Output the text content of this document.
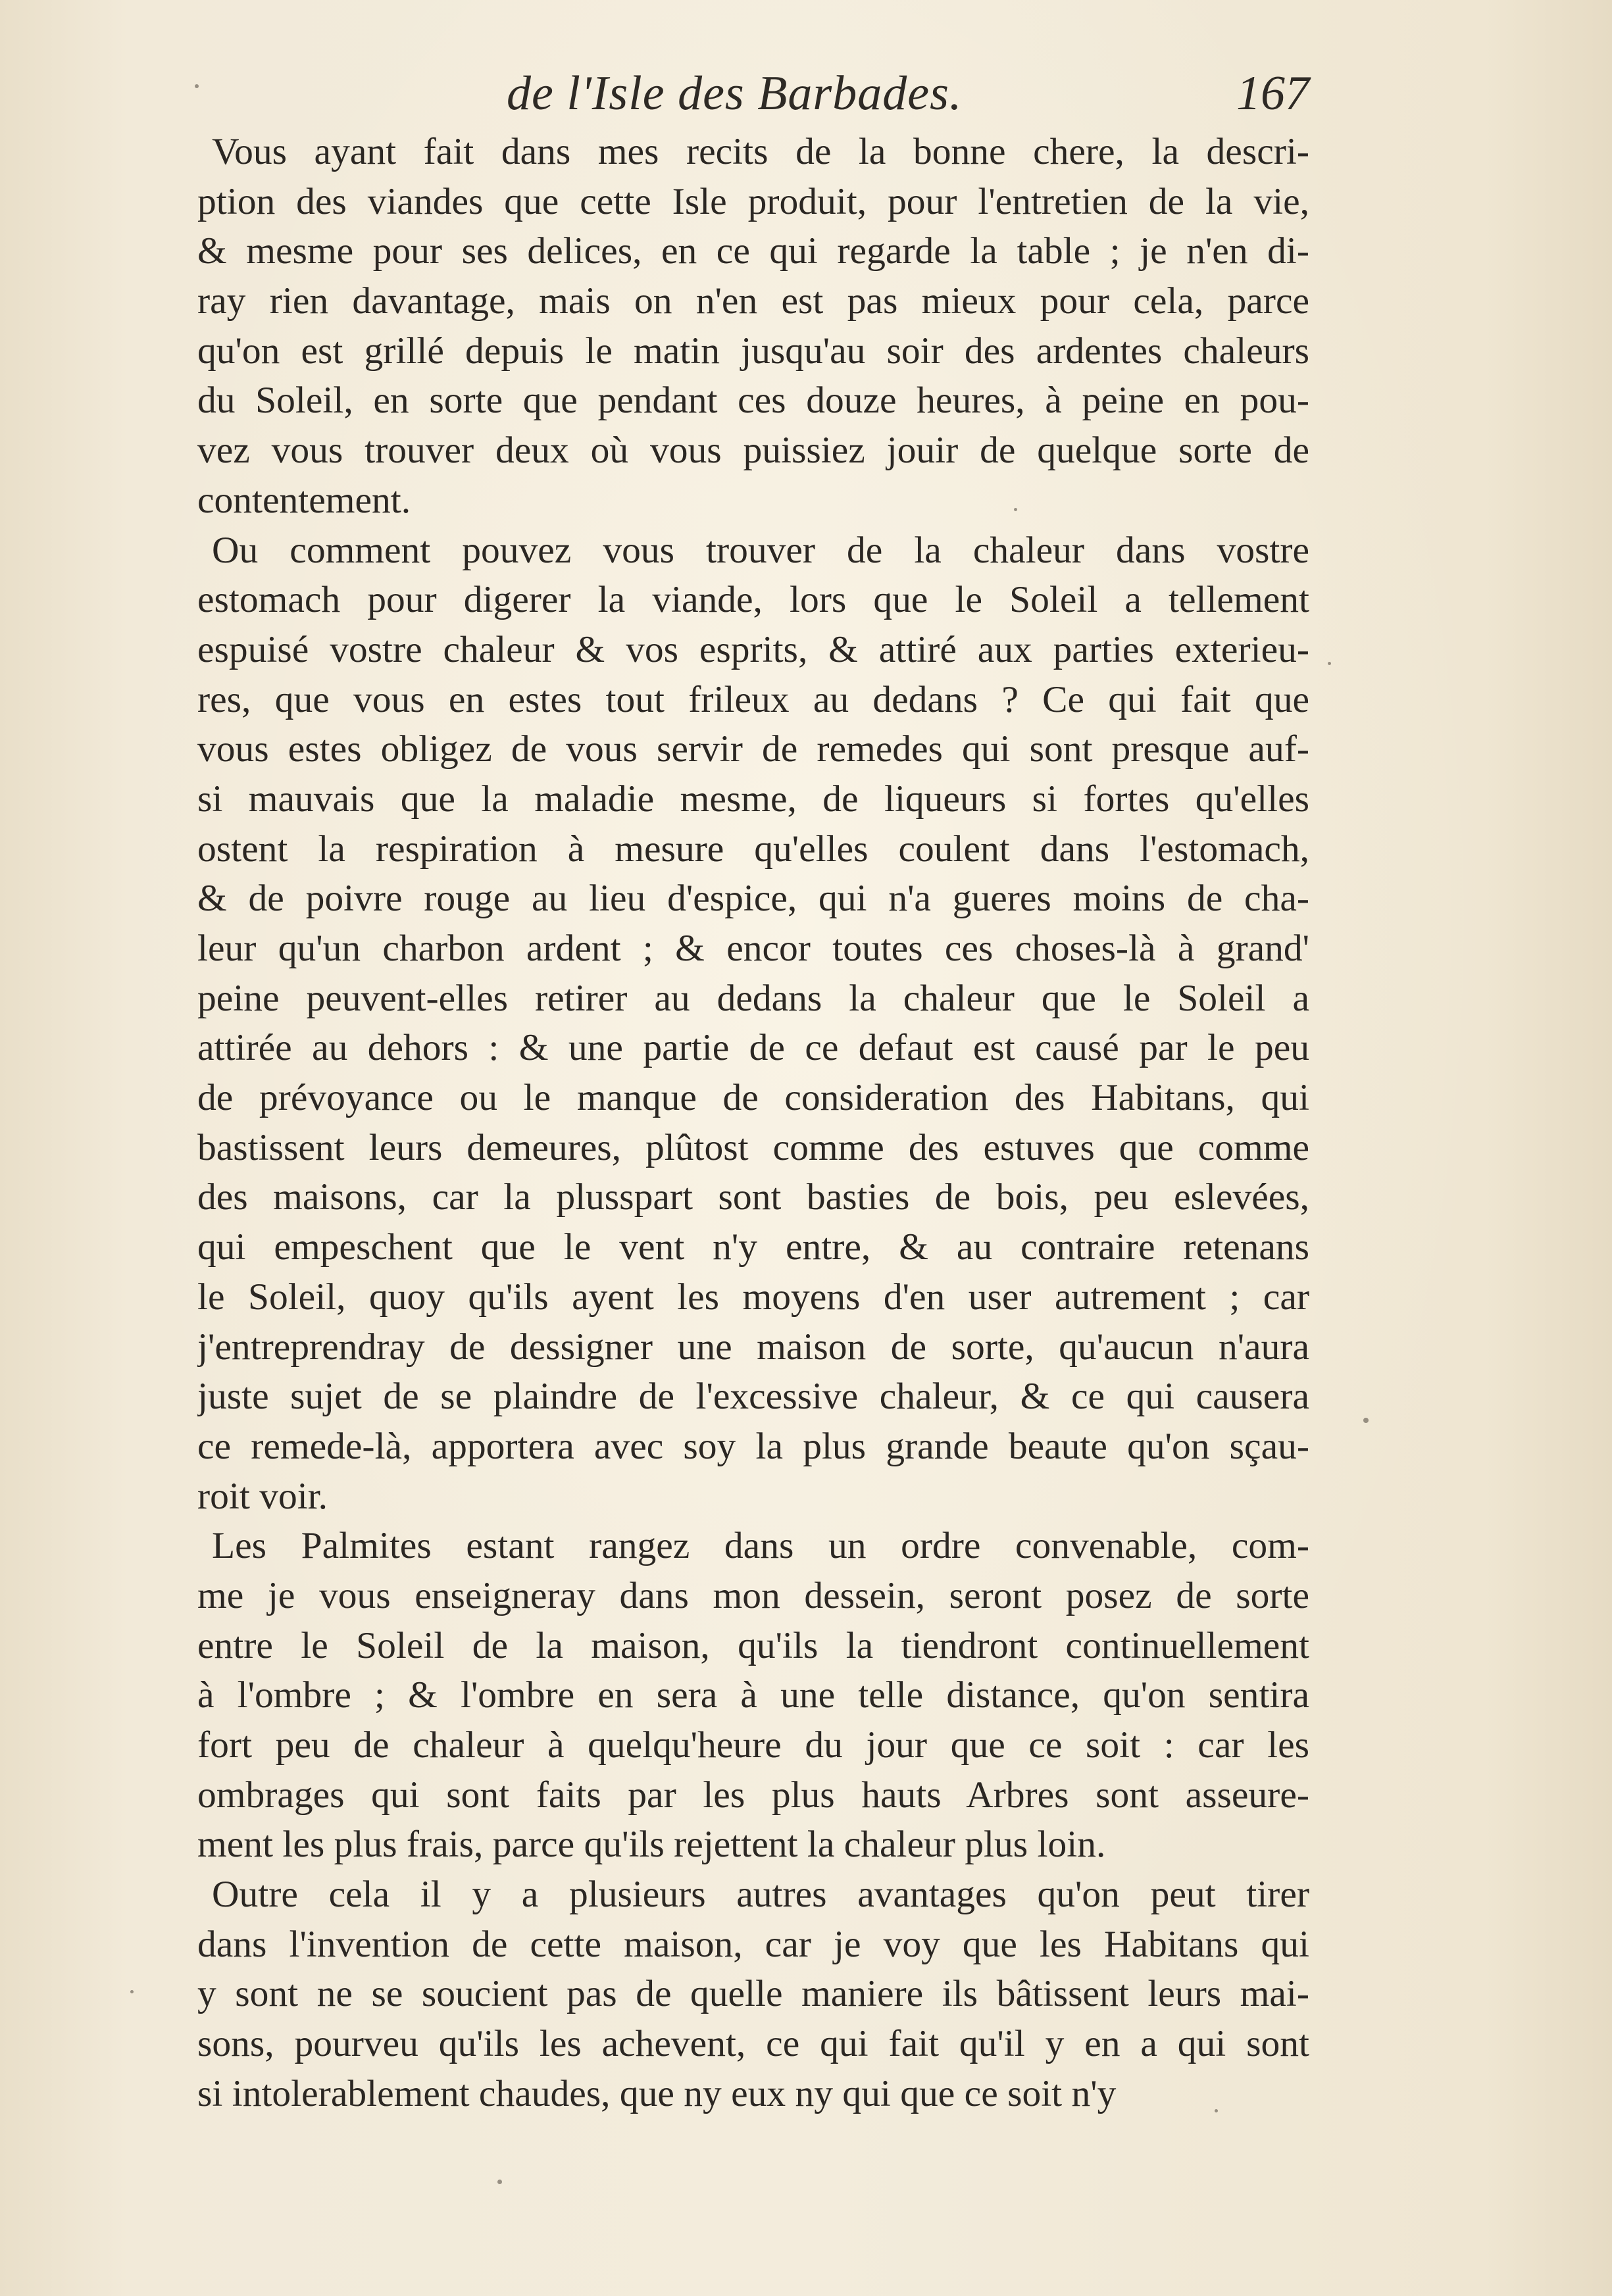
de l'Isle des Barbades.	167
Vous ayant fait dans mes recits de la bonne chere, la descri-
ption des viandes que cette Isle produit, pour l'entretien de la vie,
& mesme pour ses delices, en ce qui regarde la table ; je n'en di-
ray rien davantage, mais on n'en est pas mieux pour cela, parce
qu'on est grillé depuis le matin jusqu'au soir des ardentes chaleurs
du Soleil, en sorte que pendant ces douze heures, à peine en pou-
vez vous trouver deux où vous puissiez jouir de quelque sorte de
contentement.
Ou comment pouvez vous trouver de la chaleur dans vostre
estomach pour digerer la viande, lors que le Soleil a tellement
espuisé vostre chaleur & vos esprits, & attiré aux parties exterieu-
res, que vous en estes tout frileux au dedans ? Ce qui fait que
vous estes obligez de vous servir de remedes qui sont presque auf-
si mauvais que la maladie mesme, de liqueurs si fortes qu'elles
ostent la respiration à mesure qu'elles coulent dans l'estomach,
& de poivre rouge au lieu d'espice, qui n'a gueres moins de cha-
leur qu'un charbon ardent ; & encor toutes ces choses-là à grand'
peine peuvent-elles retirer au dedans la chaleur que le Soleil a
attirée au dehors : & une partie de ce defaut est causé par le peu
de prévoyance ou le manque de consideration des Habitans, qui
bastissent leurs demeures, plûtost comme des estuves que comme
des maisons, car la plusspart sont basties de bois, peu eslevées,
qui empeschent que le vent n'y entre, & au contraire retenans
le Soleil, quoy qu'ils ayent les moyens d'en user autrement ; car
j'entreprendray de dessigner une maison de sorte, qu'aucun n'aura
juste sujet de se plaindre de l'excessive chaleur, & ce qui causera
ce remede-là, apportera avec soy la plus grande beaute qu'on sçau-
roit voir.
Les Palmites estant rangez dans un ordre convenable, com-
me je vous enseigneray dans mon dessein, seront posez de sorte
entre le Soleil de la maison, qu'ils la tiendront continuellement
à l'ombre ; & l'ombre en sera à une telle distance, qu'on sentira
fort peu de chaleur à quelqu'heure du jour que ce soit : car les
ombrages qui sont faits par les plus hauts Arbres sont asseure-
ment les plus frais, parce qu'ils rejettent la chaleur plus loin.
Outre cela il y a plusieurs autres avantages qu'on peut tirer
dans l'invention de cette maison, car je voy que les Habitans qui
y sont ne se soucient pas de quelle maniere ils bâtissent leurs mai-
sons, pourveu qu'ils les achevent, ce qui fait qu'il y en a qui sont
si intolerablement chaudes, que ny eux ny qui que ce soit n'y
